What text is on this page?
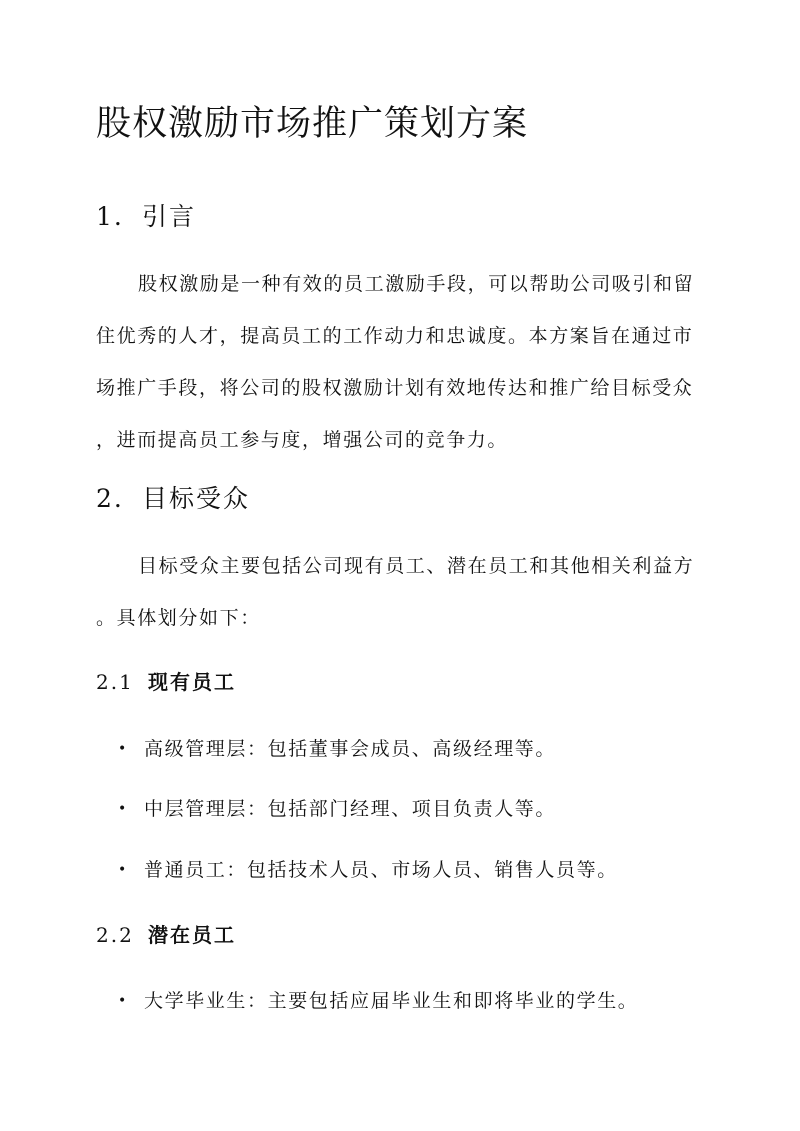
股权激励市场推广策划方案
1. 引言
股权激励是一种有效的员工激励手段，可以帮助公司吸引和留
住优秀的人才，提高员工的工作动力和忠诚度。本方案旨在通过市
场推广手段，将公司的股权激励计划有效地传达和推广给目标受众
，进而提高员工参与度，增强公司的竞争力。
2. 目标受众
目标受众主要包括公司现有员工、潜在员工和其他相关利益方
。具体划分如下：
2.1 现有员工
• 高级管理层：包括董事会成员、高级经理等。
• 中层管理层：包括部门经理、项目负责人等。
• 普通员工：包括技术人员、市场人员、销售人员等。
2.2 潜在员工
• 大学毕业生：主要包括应届毕业生和即将毕业的学生。
